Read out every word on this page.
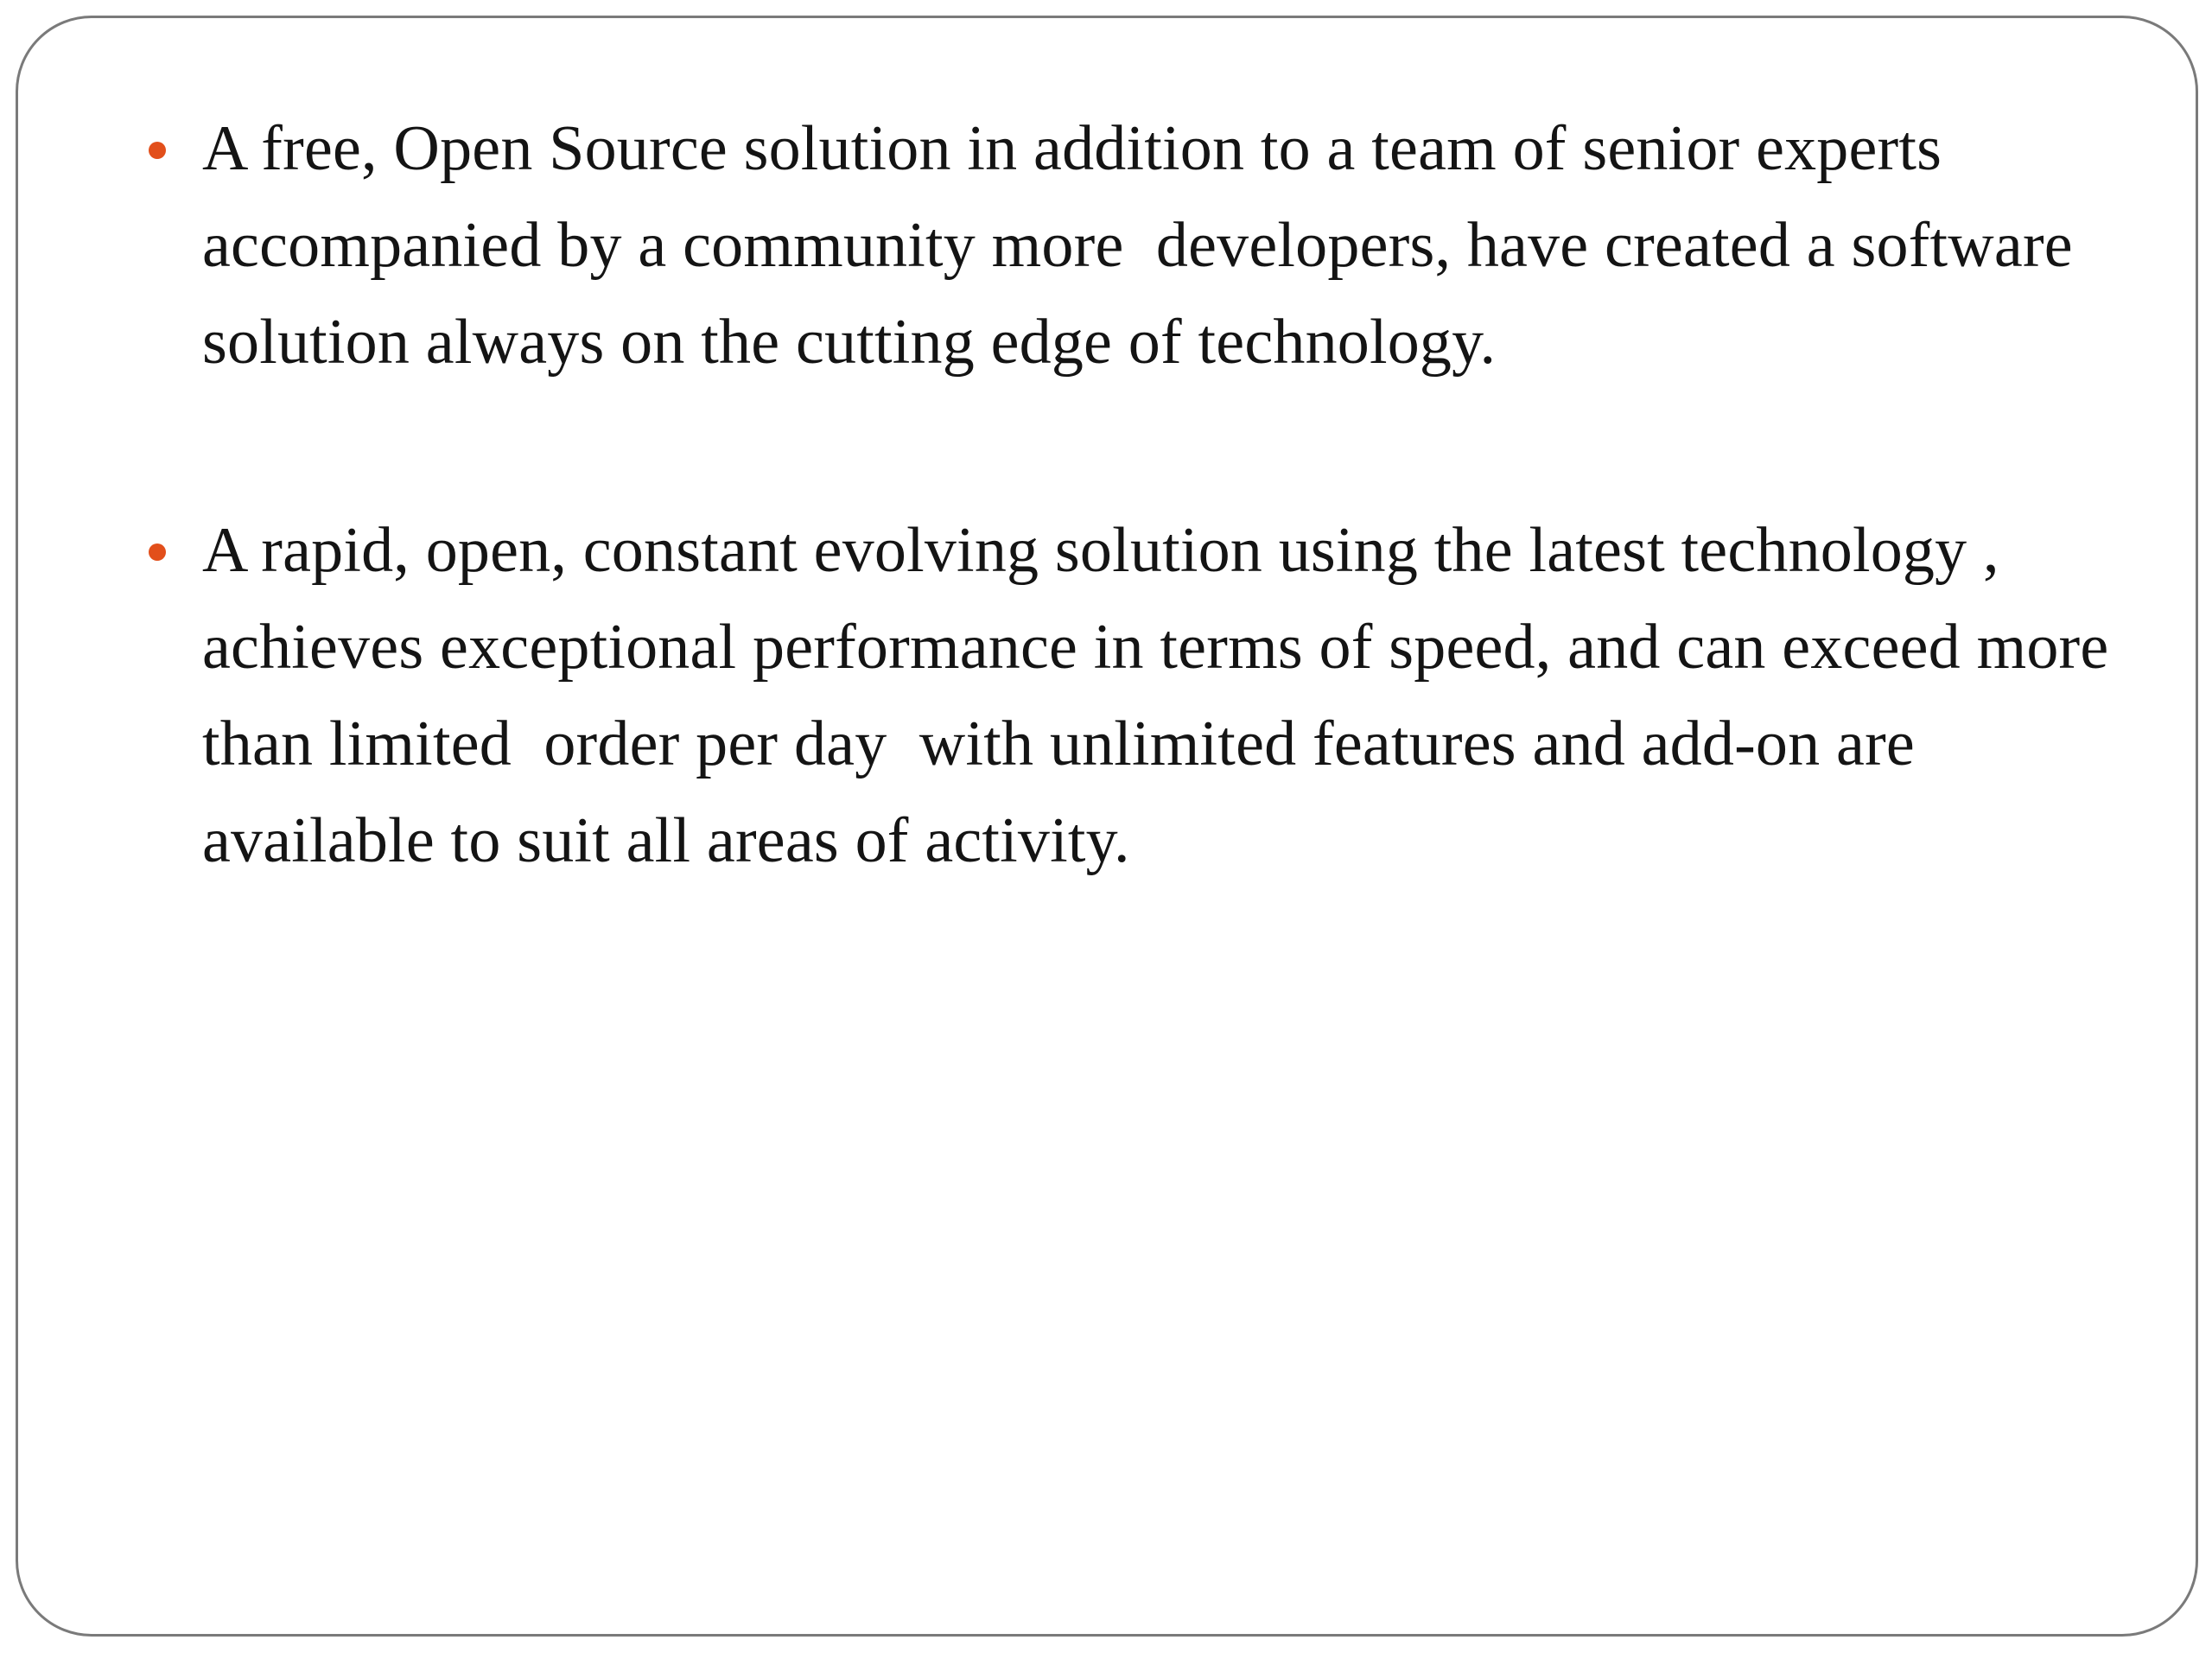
A free, Open Source solution in addition to a team of senior experts accompanied by a community more  developers, have created a software solution always on the cutting edge of technology.
A rapid, open, constant evolving solution using the latest technology , achieves exceptional performance in terms of speed, and can exceed more than limited  order per day  with unlimited features and add-on are available to suit all areas of activity.
